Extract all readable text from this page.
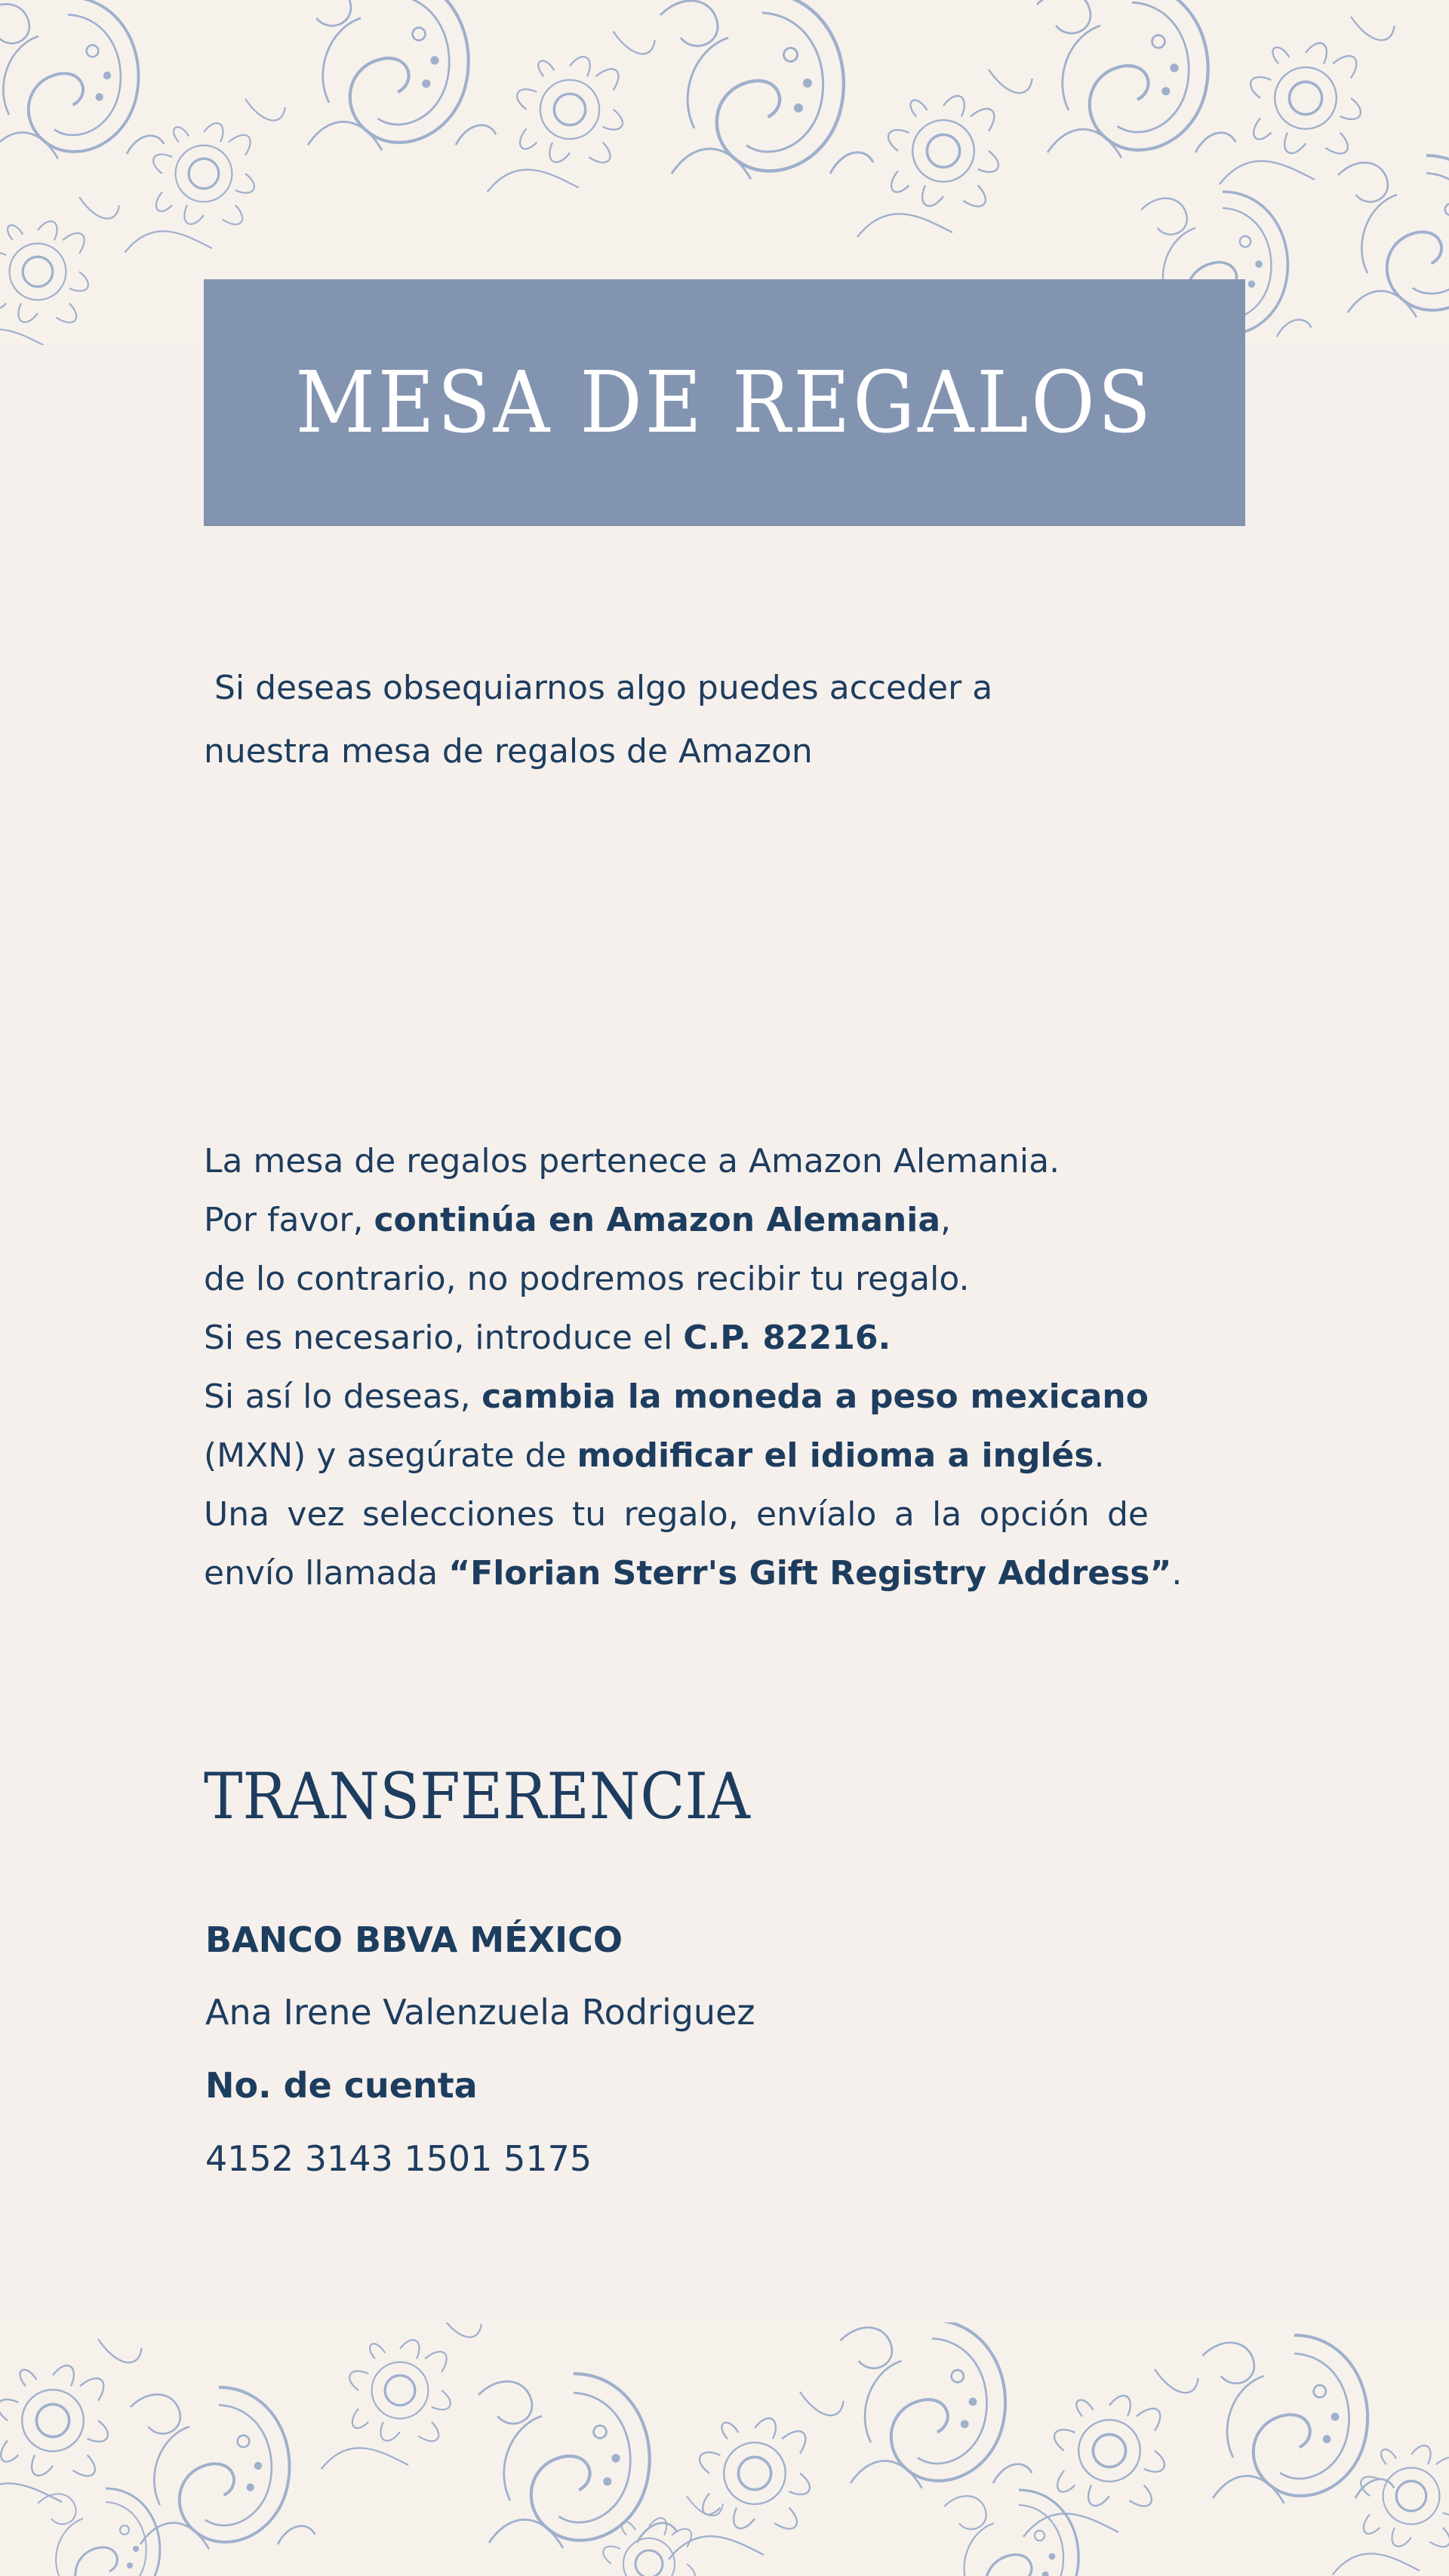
MESA DE REGALOS
Si deseas obsequiarnos algo puedes acceder a
nuestra mesa de regalos de Amazon
La mesa de regalos pertenece a Amazon Alemania.
Por favor, continúa en Amazon Alemania,
de lo contrario, no podremos recibir tu regalo.
Si es necesario, introduce el C.P. 82216.
Si así lo deseas, cambia la moneda a peso mexicano
(MXN) y asegúrate de modificar el idioma a inglés.
Una vez selecciones tu regalo, envíalo a la opción de
envío llamada “Florian Sterr's Gift Registry Address”.
TRANSFERENCIA
BANCO BBVA MÉXICO
Ana Irene Valenzuela Rodriguez
No. de cuenta
4152 3143 1501 5175
